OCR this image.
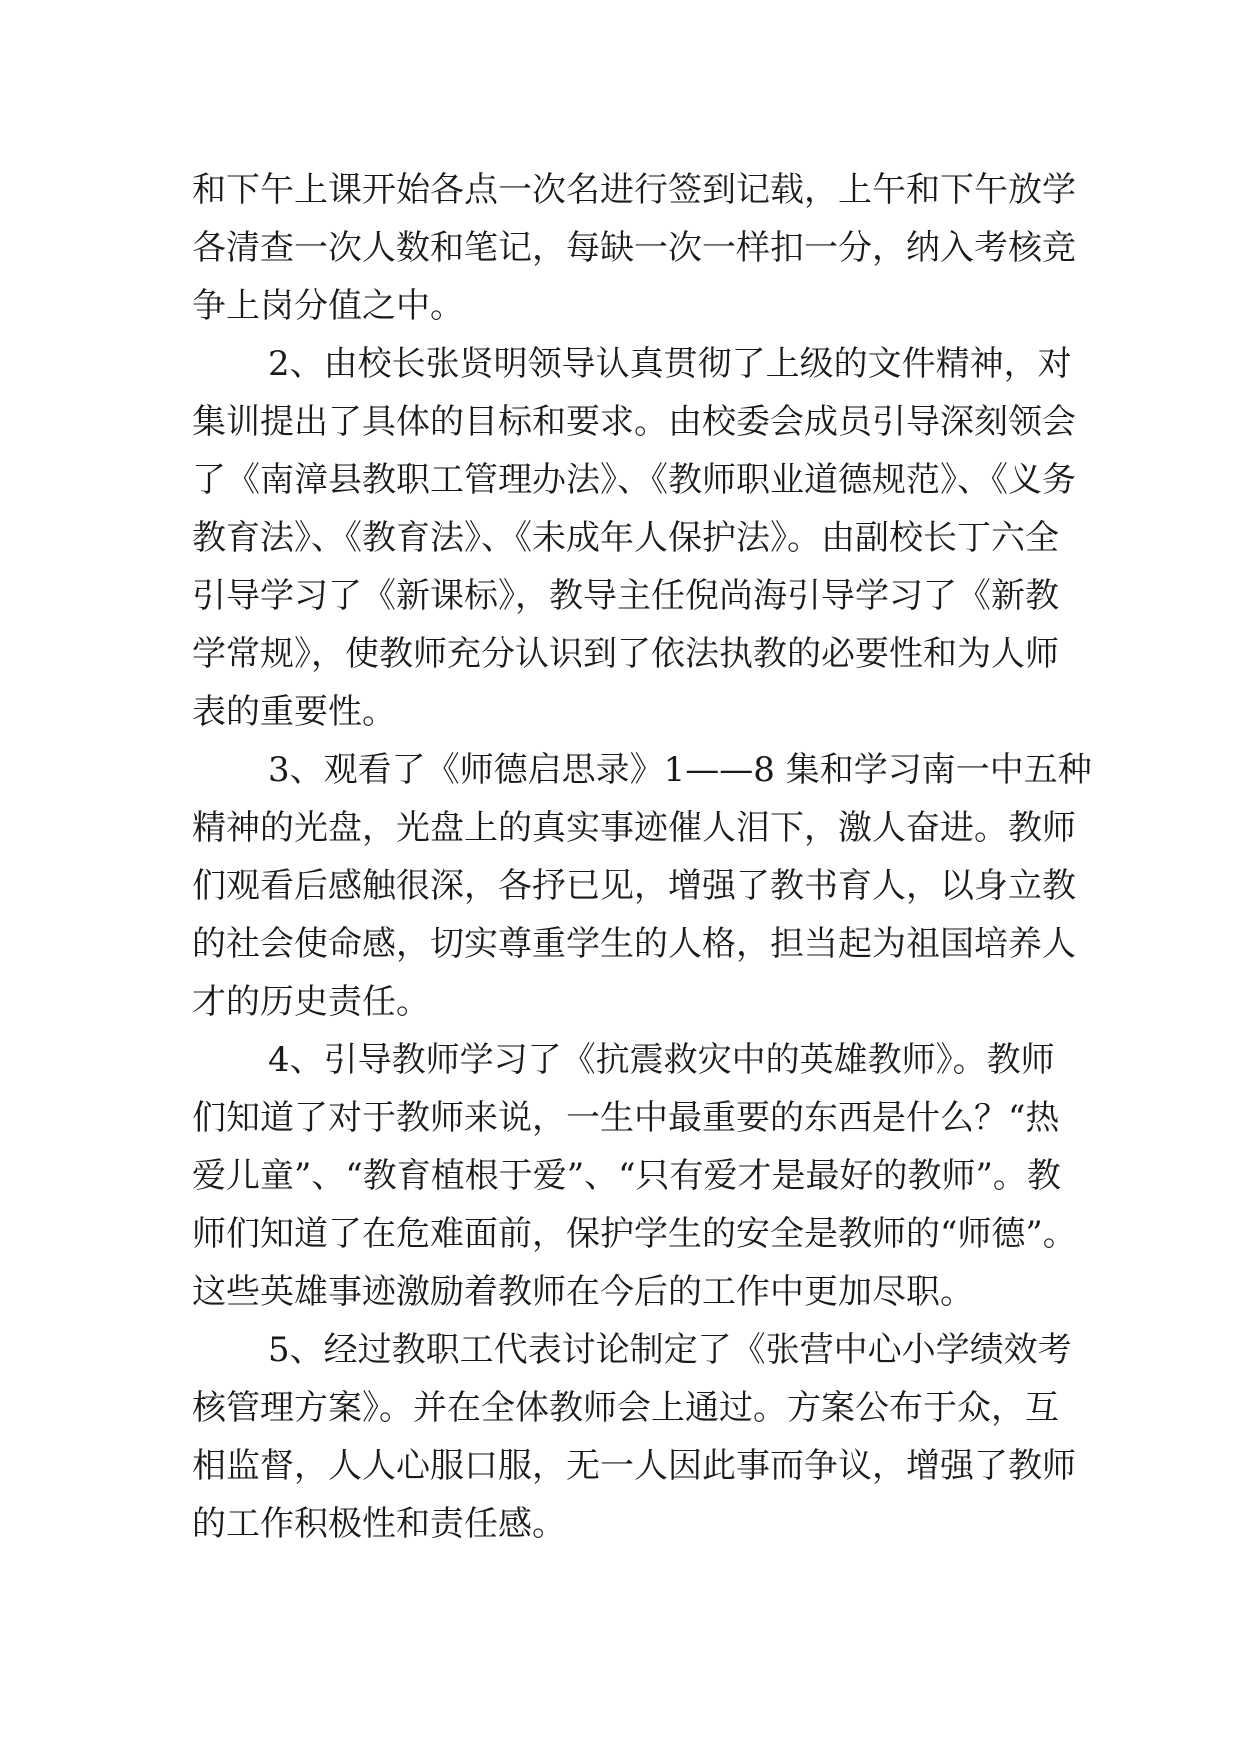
和下午上课开始各点一次名进行签到记载，上午和下午放学
各清查一次人数和笔记，每缺一次一样扣一分，纳入考核竞
争上岗分值之中。
2、由校长张贤明领导认真贯彻了上级的文件精神，对
集训提出了具体的目标和要求。由校委会成员引导深刻领会
了《南漳县教职工管理办法》、《教师职业道德规范》、《义务
教育法》、《教育法》、《未成年人保护法》。由副校长丁六全
引导学习了《新课标》，教导主任倪尚海引导学习了《新教
学常规》，使教师充分认识到了依法执教的必要性和为人师
表的重要性。
3、观看了《师德启思录》1——8 集和学习南一中五种
精神的光盘，光盘上的真实事迹催人泪下，激人奋进。教师
们观看后感触很深，各抒已见，增强了教书育人，以身立教
的社会使命感，切实尊重学生的人格，担当起为祖国培养人
才的历史责任。
4、引导教师学习了《抗震救灾中的英雄教师》。教师
们知道了对于教师来说，一生中最重要的东西是什么？“热
爱儿童”、“教育植根于爱”、“只有爱才是最好的教师”。教
师们知道了在危难面前，保护学生的安全是教师的“师德”。
这些英雄事迹激励着教师在今后的工作中更加尽职。
5、经过教职工代表讨论制定了《张营中心小学绩效考
核管理方案》。并在全体教师会上通过。方案公布于众，互
相监督，人人心服口服，无一人因此事而争议，增强了教师
的工作积极性和责任感。
